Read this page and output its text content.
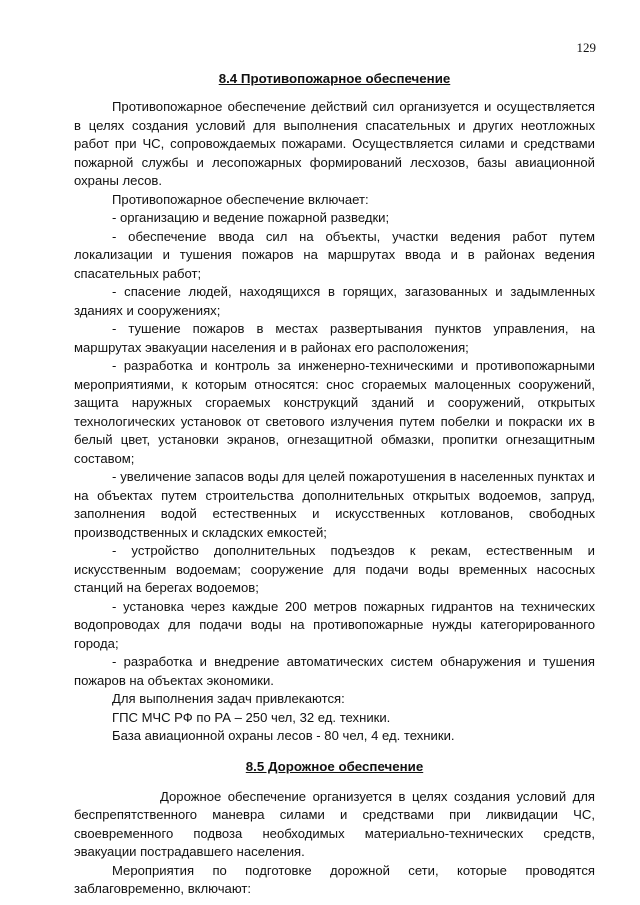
129
8.4 Противопожарное обеспечение

Противопожарное обеспечение действий сил организуется и осуществляется в целях создания условий для выполнения спасательных и других неотложных работ при ЧС, сопровождаемых пожарами. Осуществляется силами и средствами пожарной службы и лесопожарных формирований лесхозов, базы авиационной охраны лесов.

Противопожарное обеспечение включает:

- организацию и ведение пожарной разведки;

- обеспечение ввода сил на объекты, участки ведения работ путем локализации и тушения пожаров на маршрутах ввода и в районах ведения спасательных работ;

- спасение людей, находящихся в горящих, загазованных и задымленных зданиях и сооружениях;

- тушение пожаров в местах развертывания пунктов управления, на маршрутах эвакуации населения и в районах его расположения;

- разработка и контроль за инженерно-техническими и противопожарными мероприятиями, к которым относятся: снос сгораемых малоценных сооружений, защита наружных сгораемых конструкций зданий и сооружений, открытых технологических установок от светового излучения путем побелки и покраски их в белый цвет, установки экранов, огнезащитной обмазки, пропитки огнезащитным составом;

- увеличение запасов воды для целей пожаротушения в населенных пунктах и на объектах путем строительства дополнительных открытых водоемов, запруд, заполнения водой естественных и искусственных котлованов, свободных производственных и складских емкостей;

- устройство дополнительных подъездов к рекам, естественным и искусственным водоемам; сооружение для подачи воды временных насосных станций на берегах водоемов;

- установка через каждые 200 метров пожарных гидрантов на технических водопроводах для подачи воды на противопожарные нужды категорированного города;

- разработка и внедрение автоматических систем обнаружения и тушения пожаров на объектах экономики.

Для выполнения задач привлекаются:

ГПС МЧС РФ по РА – 250 чел, 32 ед. техники.

База авиационной охраны лесов - 80 чел, 4 ед. техники.

8.5 Дорожное обеспечение

Дорожное обеспечение организуется в целях создания условий для беспрепятственного маневра силами и средствами при ликвидации ЧС, своевременного подвоза необходимых материально-технических средств, эвакуации пострадавшего населения.

Мероприятия по подготовке дорожной сети, которые проводятся заблаговременно, включают:
